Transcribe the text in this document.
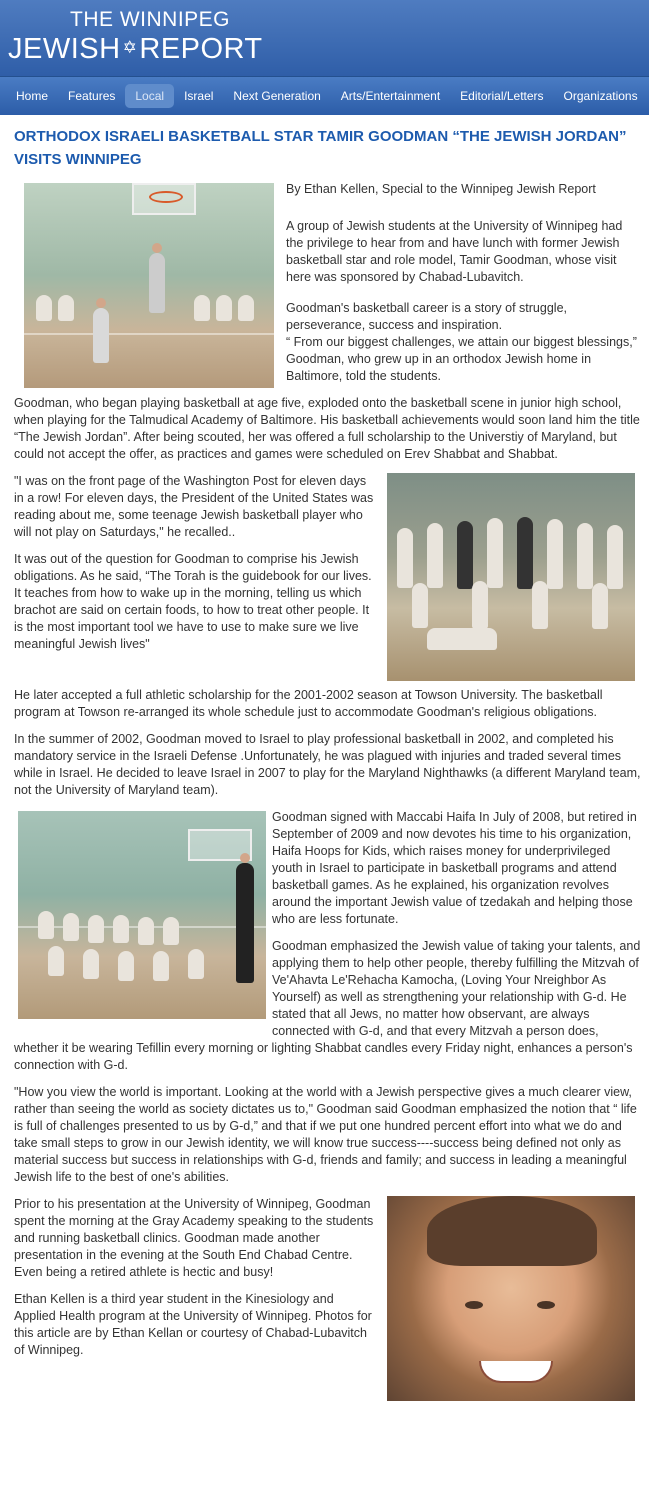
THE WINNIPEG
JEWISH ✡REPORT
Home Features Local Israel Next Generation Arts/Entertainment Editorial/Letters Organizations
ORTHODOX ISRAELI BASKETBALL STAR TAMIR GOODMAN “THE JEWISH JORDAN” VISITS WINNIPEG

By Ethan Kellen, Special to the Winnipeg Jewish Report

A group of Jewish students at the University of Winnipeg had the privilege to hear from and have lunch with former Jewish basketball star and role model, Tamir Goodman, whose visit here was sponsored by Chabad-Lubavitch.

Goodman's basketball career is a story of struggle, perseverance, success and inspiration.

“ From our biggest challenges, we attain our biggest blessings,” Goodman, who grew up in an orthodox Jewish home in Baltimore, told the students.

Goodman, who began playing basketball at age five, exploded onto the basketball scene in junior high school, when playing for the Talmudical Academy of Baltimore. His basketball achievements would soon land him the title “The Jewish Jordan”. After being scouted, her was offered a full scholarship to the Universtiy of Maryland, but could not accept the offer, as practices and games were scheduled on Erev Shabbat and Shabbat.

"I was on the front page of the Washington Post for eleven days in a row! For eleven days, the President of the United States was reading about me, some teenage Jewish basketball player who will not play on Saturdays," he recalled..

It was out of the question for Goodman to comprise his Jewish obligations. As he said, “The Torah is the guidebook for our lives. It teaches from how to wake up in the morning, telling us which brachot are said on certain foods, to how to treat other people. It is the most important tool we have to use to make sure we live meaningful Jewish lives"

He later accepted a full athletic scholarship for the 2001-2002 season at Towson University. The basketball program at Towson re-arranged its whole schedule just to accommodate Goodman's religious obligations.

In the summer of 2002, Goodman moved to Israel to play professional basketball in 2002, and completed his mandatory service in the Israeli Defense .Unfortunately, he was plagued with injuries and traded several times while in Israel. He decided to leave Israel in 2007 to play for the Maryland Nighthawks (a different Maryland team, not the University of Maryland team).

Goodman signed with Maccabi Haifa In July of 2008, but retired in September of 2009 and now devotes his time to his organization, Haifa Hoops for Kids, which raises money for underprivileged youth in Israel to participate in basketball programs and attend basketball games. As he explained, his organization revolves around the important Jewish value of tzedakah and helping those who are less fortunate.

Goodman emphasized the Jewish value of taking your talents, and applying them to help other people, thereby fulfilling the Mitzvah of Ve'Ahavta Le'Rehacha Kamocha, (Loving Your Nreighbor As Yourself) as well as strengthening your relationship with G-d. He stated that all Jews, no matter how observant, are always connected with G-d, and that every Mitzvah a person does, whether it be wearing Tefillin every morning or lighting Shabbat candles every Friday night, enhances a person's connection with G-d.

"How you view the world is important. Looking at the world with a Jewish perspective gives a much clearer view, rather than seeing the world as society dictates us to," Goodman said Goodman emphasized the notion that “ life is full of challenges presented to us by G-d,” and that if we put one hundred percent effort into what we do and take small steps to grow in our Jewish identity, we will know true success----success being defined not only as material success but success in relationships with G-d, friends and family; and success in leading a meaningful Jewish life to the best of one's abilities.

Prior to his presentation at the University of Winnipeg, Goodman spent the morning at the Gray Academy speaking to the students and running basketball clinics. Goodman made another presentation in the evening at the South End Chabad Centre. Even being a retired athlete is hectic and busy!

Ethan Kellen is a third year student in the Kinesiology and Applied Health program at the University of Winnipeg. Photos for this article are by Ethan Kellan or courtesy of Chabad-Lubavitch of Winnipeg.
